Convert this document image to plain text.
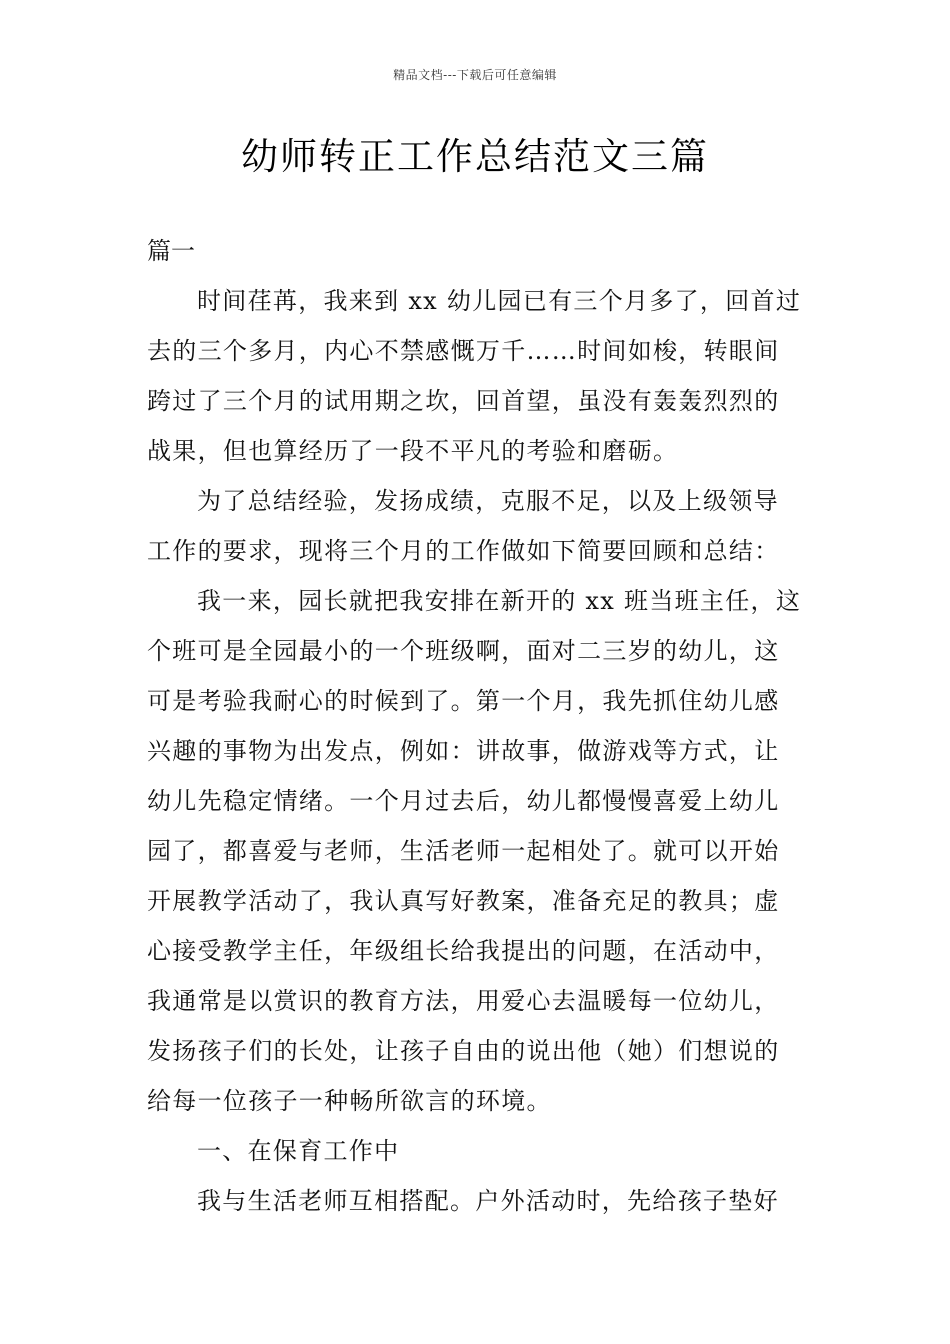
精品文档---下载后可任意编辑
幼师转正工作总结范文三篇
篇一
时间荏苒，我来到 xx 幼儿园已有三个月多了，回首过
去的三个多月，内心不禁感慨万千……时间如梭，转眼间
跨过了三个月的试用期之坎，回首望，虽没有轰轰烈烈的
战果，但也算经历了一段不平凡的考验和磨砺。
为了总结经验，发扬成绩，克服不足，以及上级领导
工作的要求，现将三个月的工作做如下简要回顾和总结：
我一来，园长就把我安排在新开的 xx 班当班主任，这
个班可是全园最小的一个班级啊，面对二三岁的幼儿，这
可是考验我耐心的时候到了。第一个月，我先抓住幼儿感
兴趣的事物为出发点，例如：讲故事，做游戏等方式，让
幼儿先稳定情绪。一个月过去后，幼儿都慢慢喜爱上幼儿
园了，都喜爱与老师，生活老师一起相处了。就可以开始
开展教学活动了，我认真写好教案，准备充足的教具；虚
心接受教学主任，年级组长给我提出的问题，在活动中，
我通常是以赏识的教育方法，用爱心去温暖每一位幼儿，
发扬孩子们的长处，让孩子自由的说出他（她）们想说的
给每一位孩子一种畅所欲言的环境。
一、在保育工作中
我与生活老师互相搭配。户外活动时，先给孩子垫好
